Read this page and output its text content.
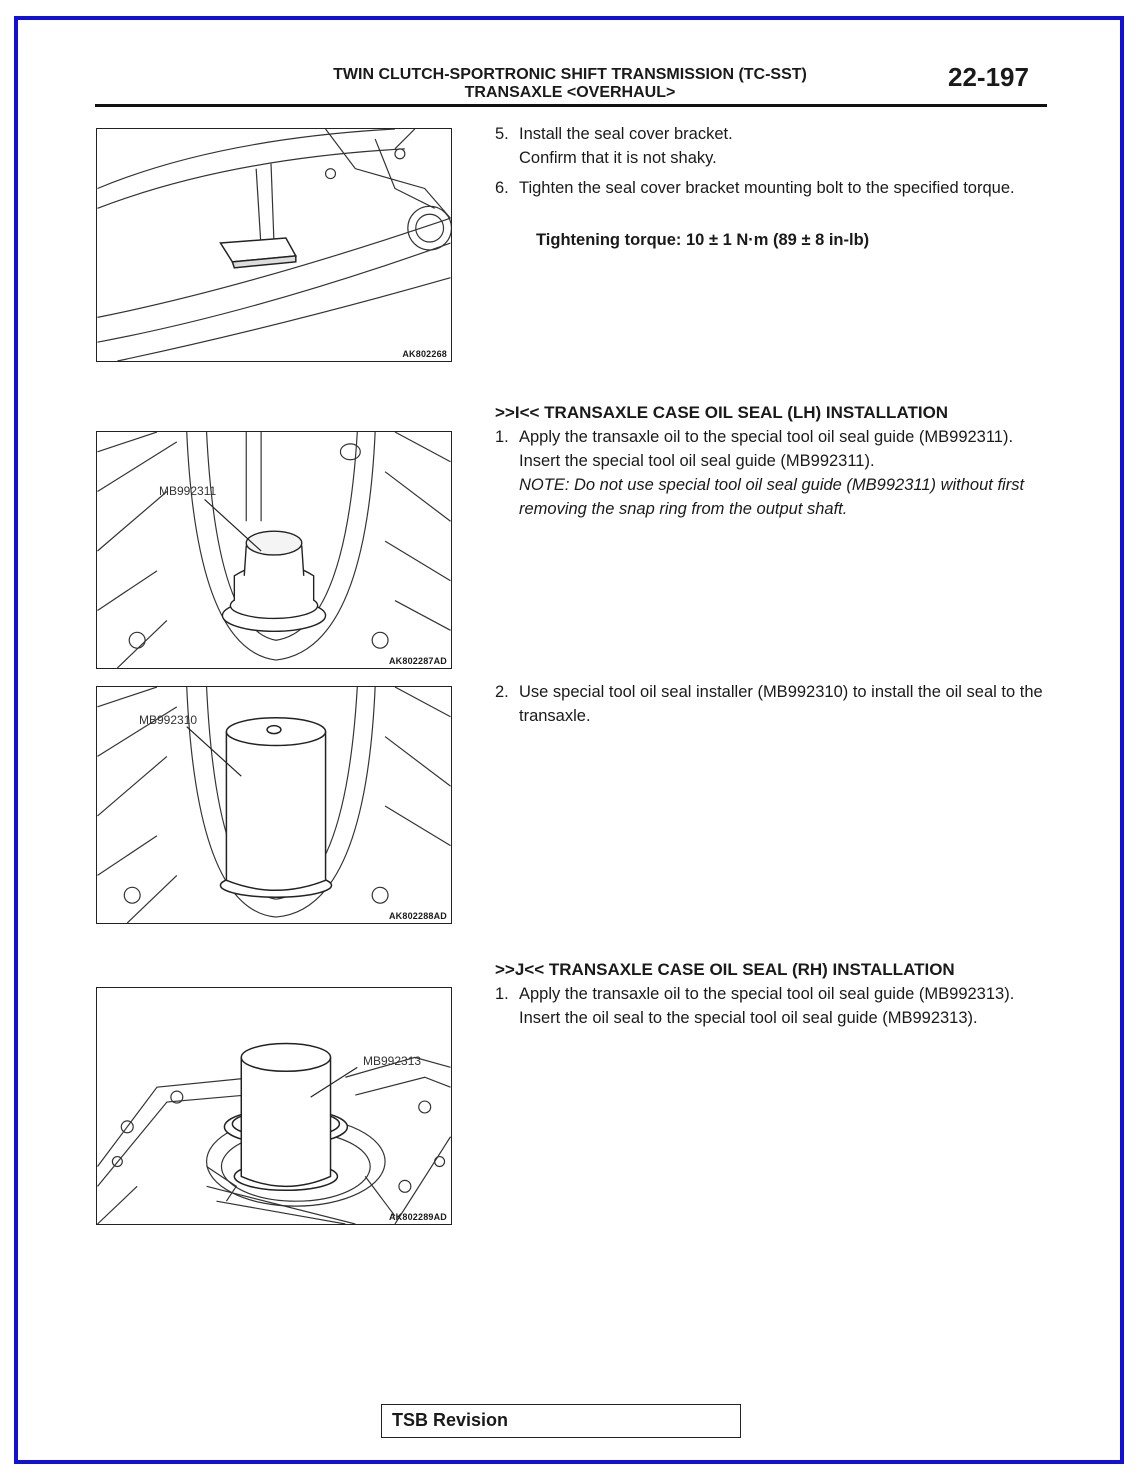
TWIN CLUTCH-SPORTRONIC SHIFT TRANSMISSION (TC-SST)
TRANSAXLE <OVERHAUL>
22-197
AK802268
5. Install the seal cover bracket.
Confirm that it is not shaky.
6. Tighten the seal cover bracket mounting bolt to the specified torque.
Tightening torque: 10 ± 1 N·m (89 ± 8 in-lb)
>>I<< TRANSAXLE CASE OIL SEAL (LH) INSTALLATION
1. Apply the transaxle oil to the special tool oil seal guide (MB992311).
Insert the special tool oil seal guide (MB992311).
NOTE: Do not use special tool oil seal guide (MB992311) without first removing the snap ring from the output shaft.
MB992311
AK802287AD
2. Use special tool oil seal installer (MB992310) to install the oil seal to the transaxle.
MB992310
AK802288AD
>>J<< TRANSAXLE CASE OIL SEAL (RH) INSTALLATION
1. Apply the transaxle oil to the special tool oil seal guide (MB992313).
Insert the oil seal to the special tool oil seal guide (MB992313).
MB992313
AK802289AD
TSB Revision
